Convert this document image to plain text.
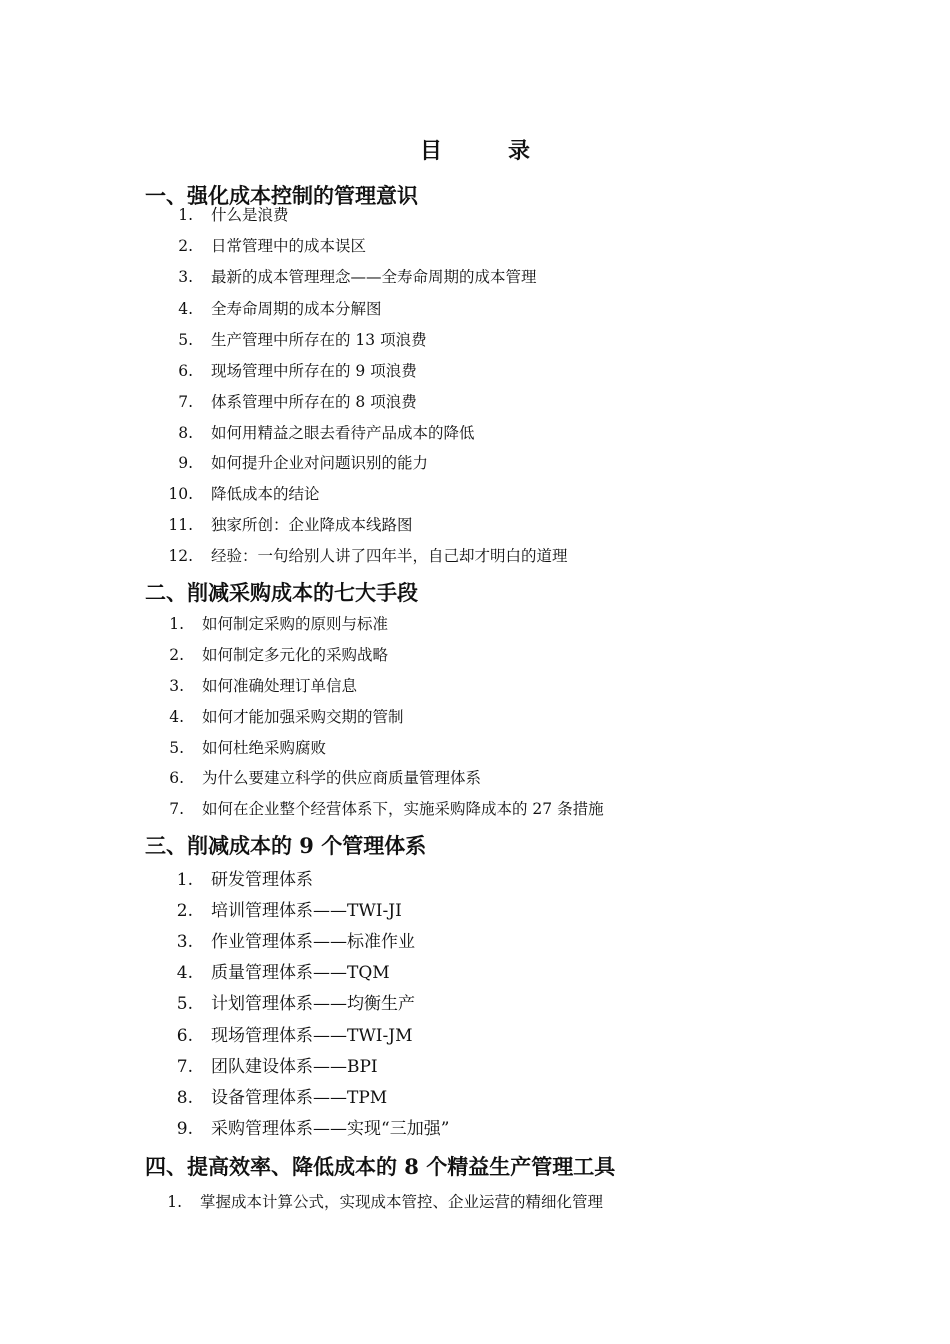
目	录
一、强化成本控制的管理意识
1. 什么是浪费
2. 日常管理中的成本误区
3. 最新的成本管理理念——全寿命周期的成本管理
4. 全寿命周期的成本分解图
5. 生产管理中所存在的 13 项浪费
6. 现场管理中所存在的 9 项浪费
7. 体系管理中所存在的 8 项浪费
8. 如何用精益之眼去看待产品成本的降低
9. 如何提升企业对问题识别的能力
10. 降低成本的结论
11. 独家所创：企业降成本线路图
12. 经验：一句给别人讲了四年半，自己却才明白的道理
二、削减采购成本的七大手段
1. 如何制定采购的原则与标准
2. 如何制定多元化的采购战略
3. 如何准确处理订单信息
4. 如何才能加强采购交期的管制
5. 如何杜绝采购腐败
6. 为什么要建立科学的供应商质量管理体系
7. 如何在企业整个经营体系下，实施采购降成本的 27 条措施
三、削减成本的 9 个管理体系
1. 研发管理体系
2. 培训管理体系——TWI-JI
3. 作业管理体系——标准作业
4. 质量管理体系——TQM
5. 计划管理体系——均衡生产
6. 现场管理体系——TWI-JM
7. 团队建设体系——BPI
8. 设备管理体系——TPM
9. 采购管理体系——实现“三加强”
四、提高效率、降低成本的 8 个精益生产管理工具
1. 掌握成本计算公式，实现成本管控、企业运营的精细化管理
